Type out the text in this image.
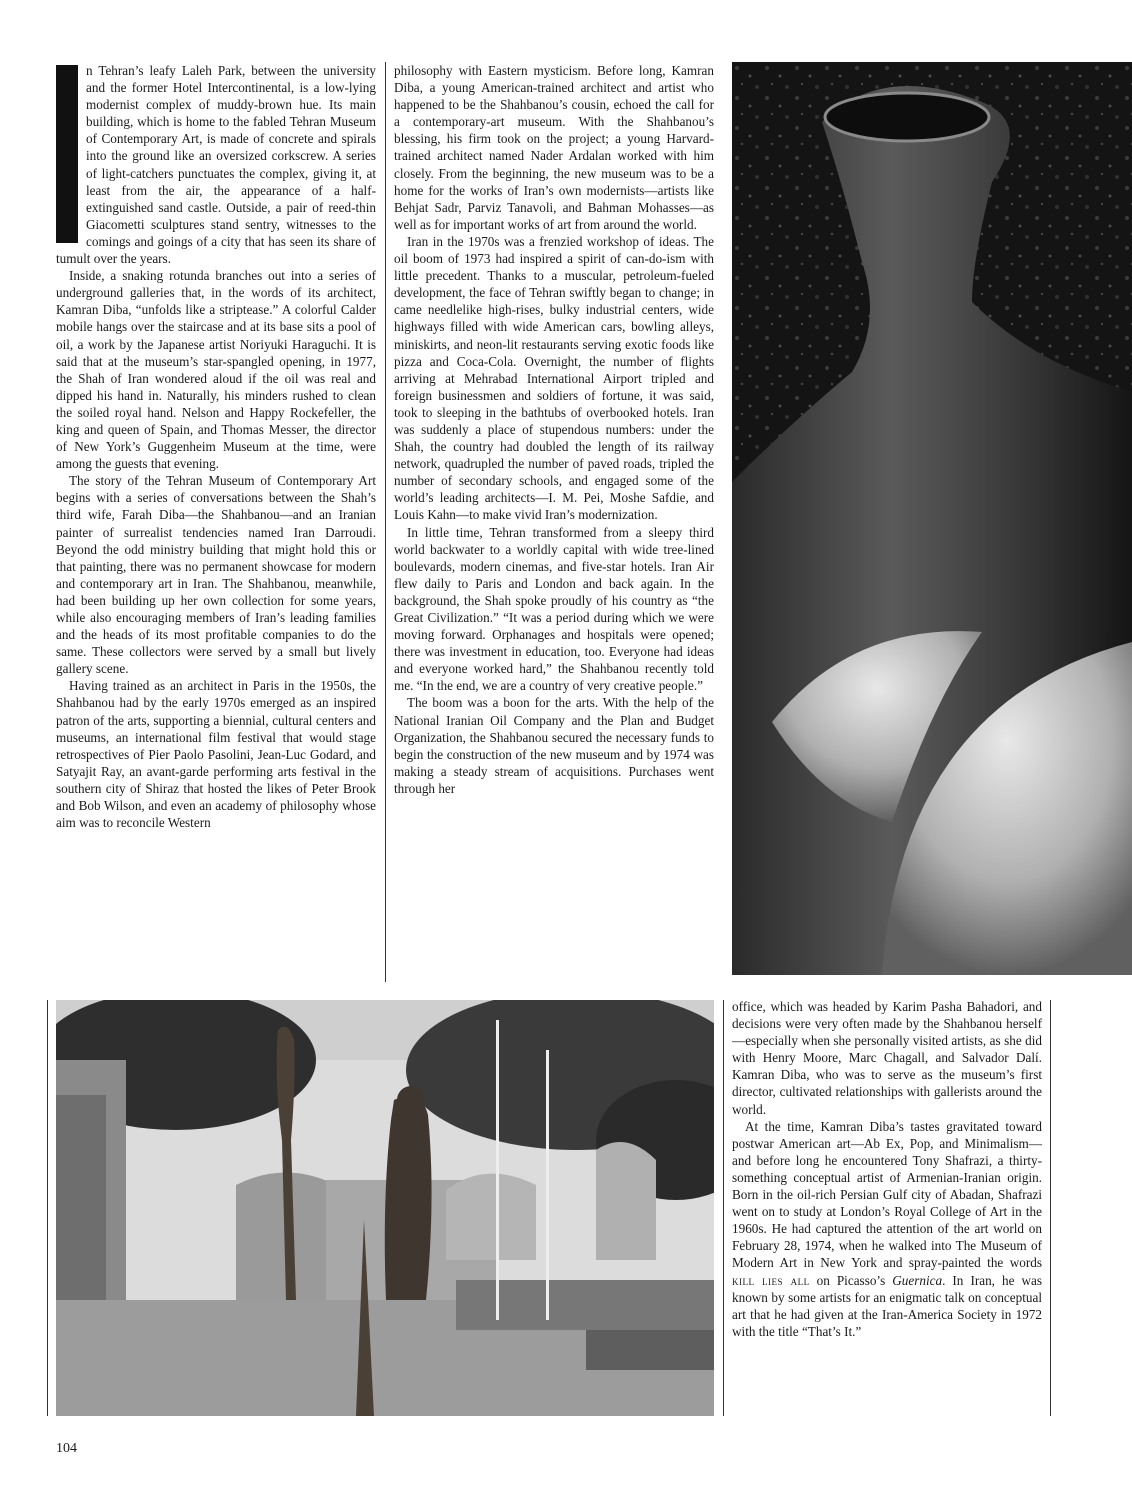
n Tehran’s leafy Laleh Park, between the university and the former Hotel Intercontinental, is a low-lying modernist complex of muddy-brown hue. Its main building, which is home to the fabled Tehran Museum of Contemporary Art, is made of concrete and spirals into the ground like an oversized corkscrew. A series of light-catchers punctuates the complex, giving it, at least from the air, the appearance of a half-extinguished sand castle. Outside, a pair of reed-thin Giacometti sculptures stand sentry, witnesses to the comings and goings of a city that has seen its share of tumult over the years.

Inside, a snaking rotunda branches out into a series of underground galleries that, in the words of its architect, Kamran Diba, “unfolds like a striptease.” A colorful Calder mobile hangs over the staircase and at its base sits a pool of oil, a work by the Japanese artist Noriyuki Haraguchi. It is said that at the museum’s star-spangled opening, in 1977, the Shah of Iran wondered aloud if the oil was real and dipped his hand in. Naturally, his minders rushed to clean the soiled royal hand. Nelson and Happy Rockefeller, the king and queen of Spain, and Thomas Messer, the director of New York’s Guggenheim Museum at the time, were among the guests that evening.

The story of the Tehran Museum of Contemporary Art begins with a series of conversations between the Shah’s third wife, Farah Diba—the Shahbanou—and an Iranian painter of surrealist tendencies named Iran Darroudi. Beyond the odd ministry building that might hold this or that painting, there was no permanent showcase for modern and contemporary art in Iran. The Shahbanou, meanwhile, had been building up her own collection for some years, while also encouraging members of Iran’s leading families and the heads of its most profitable companies to do the same. These collectors were served by a small but lively gallery scene.

Having trained as an architect in Paris in the 1950s, the Shahbanou had by the early 1970s emerged as an inspired patron of the arts, supporting a biennial, cultural centers and museums, an international film festival that would stage retrospectives of Pier Paolo Pasolini, Jean-Luc Godard, and Satyajit Ray, an avant-garde performing arts festival in the southern city of Shiraz that hosted the likes of Peter Brook and Bob Wilson, and even an academy of philosophy whose aim was to reconcile Western

philosophy with Eastern mysticism. Before long, Kamran Diba, a young American-trained architect and artist who happened to be the Shahbanou’s cousin, echoed the call for a contemporary-art museum. With the Shahbanou’s blessing, his firm took on the project; a young Harvard-trained architect named Nader Ardalan worked with him closely. From the beginning, the new museum was to be a home for the works of Iran’s own modernists—artists like Behjat Sadr, Parviz Tanavoli, and Bahman Mohasses—as well as for important works of art from around the world.

Iran in the 1970s was a frenzied workshop of ideas. The oil boom of 1973 had inspired a spirit of can-do-ism with little precedent. Thanks to a muscular, petroleum-fueled development, the face of Tehran swiftly began to change; in came needlelike high-rises, bulky industrial centers, wide highways filled with wide American cars, bowling alleys, miniskirts, and neon-lit restaurants serving exotic foods like pizza and Coca-Cola. Overnight, the number of flights arriving at Mehrabad International Airport tripled and foreign businessmen and soldiers of fortune, it was said, took to sleeping in the bathtubs of overbooked hotels. Iran was suddenly a place of stupendous numbers: under the Shah, the country had doubled the length of its railway network, quadrupled the number of paved roads, tripled the number of secondary schools, and engaged some of the world’s leading architects—I. M. Pei, Moshe Safdie, and Louis Kahn—to make vivid Iran’s modernization.

In little time, Tehran transformed from a sleepy third world backwater to a worldly capital with wide tree-lined boulevards, modern cinemas, and five-star hotels. Iran Air flew daily to Paris and London and back again. In the background, the Shah spoke proudly of his country as “the Great Civilization.” “It was a period during which we were moving forward. Orphanages and hospitals were opened; there was investment in education, too. Everyone had ideas and everyone worked hard,” the Shahbanou recently told me. “In the end, we are a country of very creative people.”

The boom was a boon for the arts. With the help of the National Iranian Oil Company and the Plan and Budget Organization, the Shahbanou secured the necessary funds to begin the construction of the new museum and by 1974 was making a steady stream of acquisitions. Purchases went through her

office, which was headed by Karim Pasha Bahadori, and decisions were very often made by the Shahbanou herself—especially when she personally visited artists, as she did with Henry Moore, Marc Chagall, and Salvador Dalí. Kamran Diba, who was to serve as the museum’s first director, cultivated relationships with gallerists around the world.

At the time, Kamran Diba’s tastes gravitated toward postwar American art—Ab Ex, Pop, and Minimalism—and before long he encountered Tony Shafrazi, a thirty-something conceptual artist of Armenian-Iranian origin. Born in the oil-rich Persian Gulf city of Abadan, Shafrazi went on to study at London’s Royal College of Art in the 1960s. He had captured the attention of the art world on February 28, 1974, when he walked into The Museum of Modern Art in New York and spray-painted the words kill lies all on Picasso’s Guernica. In Iran, he was known by some artists for an enigmatic talk on conceptual art that he had given at the Iran-America Society in 1972 with the title “That’s It.”

104
